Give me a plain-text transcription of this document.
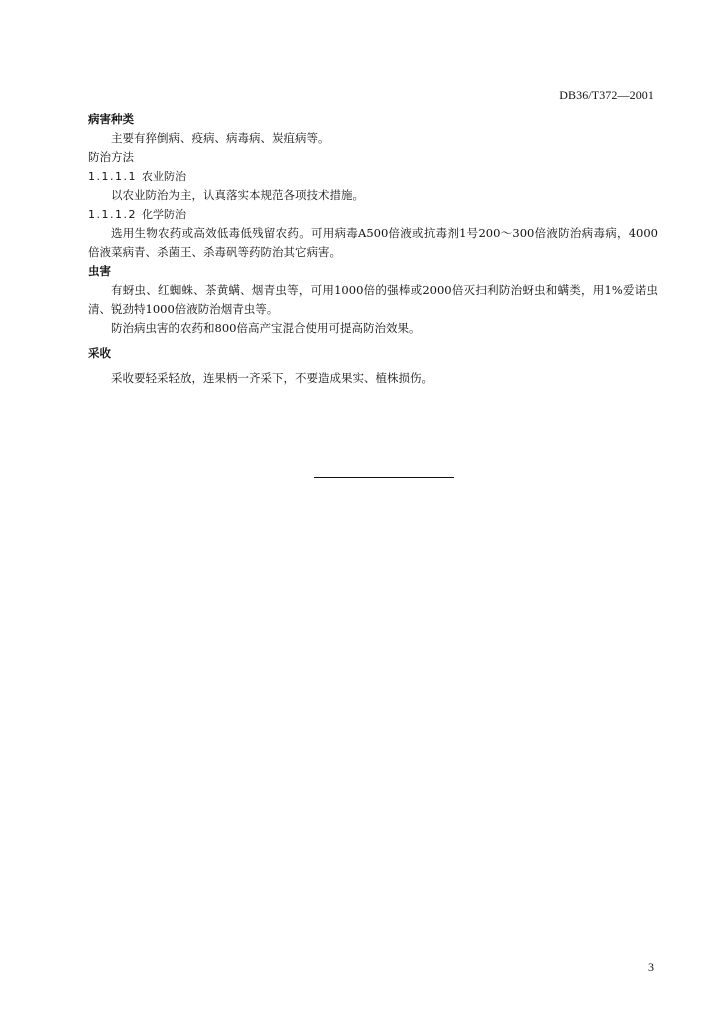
DB36/T372—2001

病害种类

主要有猝倒病、疫病、病毒病、炭疽病等。

防治方法

1.1.1.1 农业防治

以农业防治为主，认真落实本规范各项技术措施。

1.1.1.2 化学防治

选用生物农药或高效低毒低残留农药。可用病毒A500倍液或抗毒剂1号200～300倍液防治病毒病，4000倍液菜病青、杀菌王、杀毒矾等药防治其它病害。

虫害

有蚜虫、红蜘蛛、茶黄螨、烟青虫等，可用1000倍的强棒或2000倍灭扫利防治蚜虫和螨类，用1%爱诺虫清、锐劲特1000倍液防治烟青虫等。

防治病虫害的农药和800倍高产宝混合使用可提高防治效果。

采收

采收要轻采轻放，连果柄一齐采下，不要造成果实、植株损伤。

3
